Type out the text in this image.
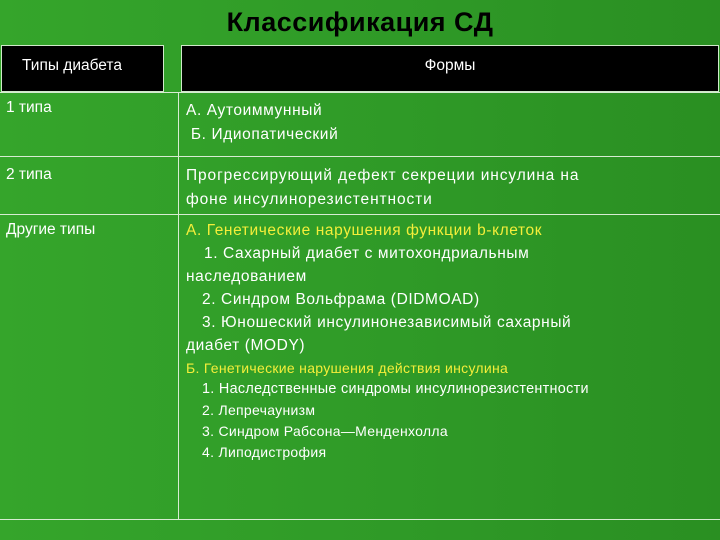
Классификация СД
Типы диабета	Формы
1 типа	А. Аутоиммунный
Б. Идиопатический
2 типа	Прогрессирующий дефект секреции инсулина на
фоне инсулинорезистентности
Другие типы	А. Генетические нарушения функции b-клеток
1. Сахарный диабет с митохондриальным
наследованием
2. Синдром Вольфрама (DIDMOAD)
3. Юношеский инсулинонезависимый сахарный
диабет (MODY)
Б. Генетические нарушения действия инсулина
1. Наследственные синдромы инсулинорезистентности
2. Лепречаунизм
3. Синдром Рабсона—Менденхолла
4. Липодистрофия
